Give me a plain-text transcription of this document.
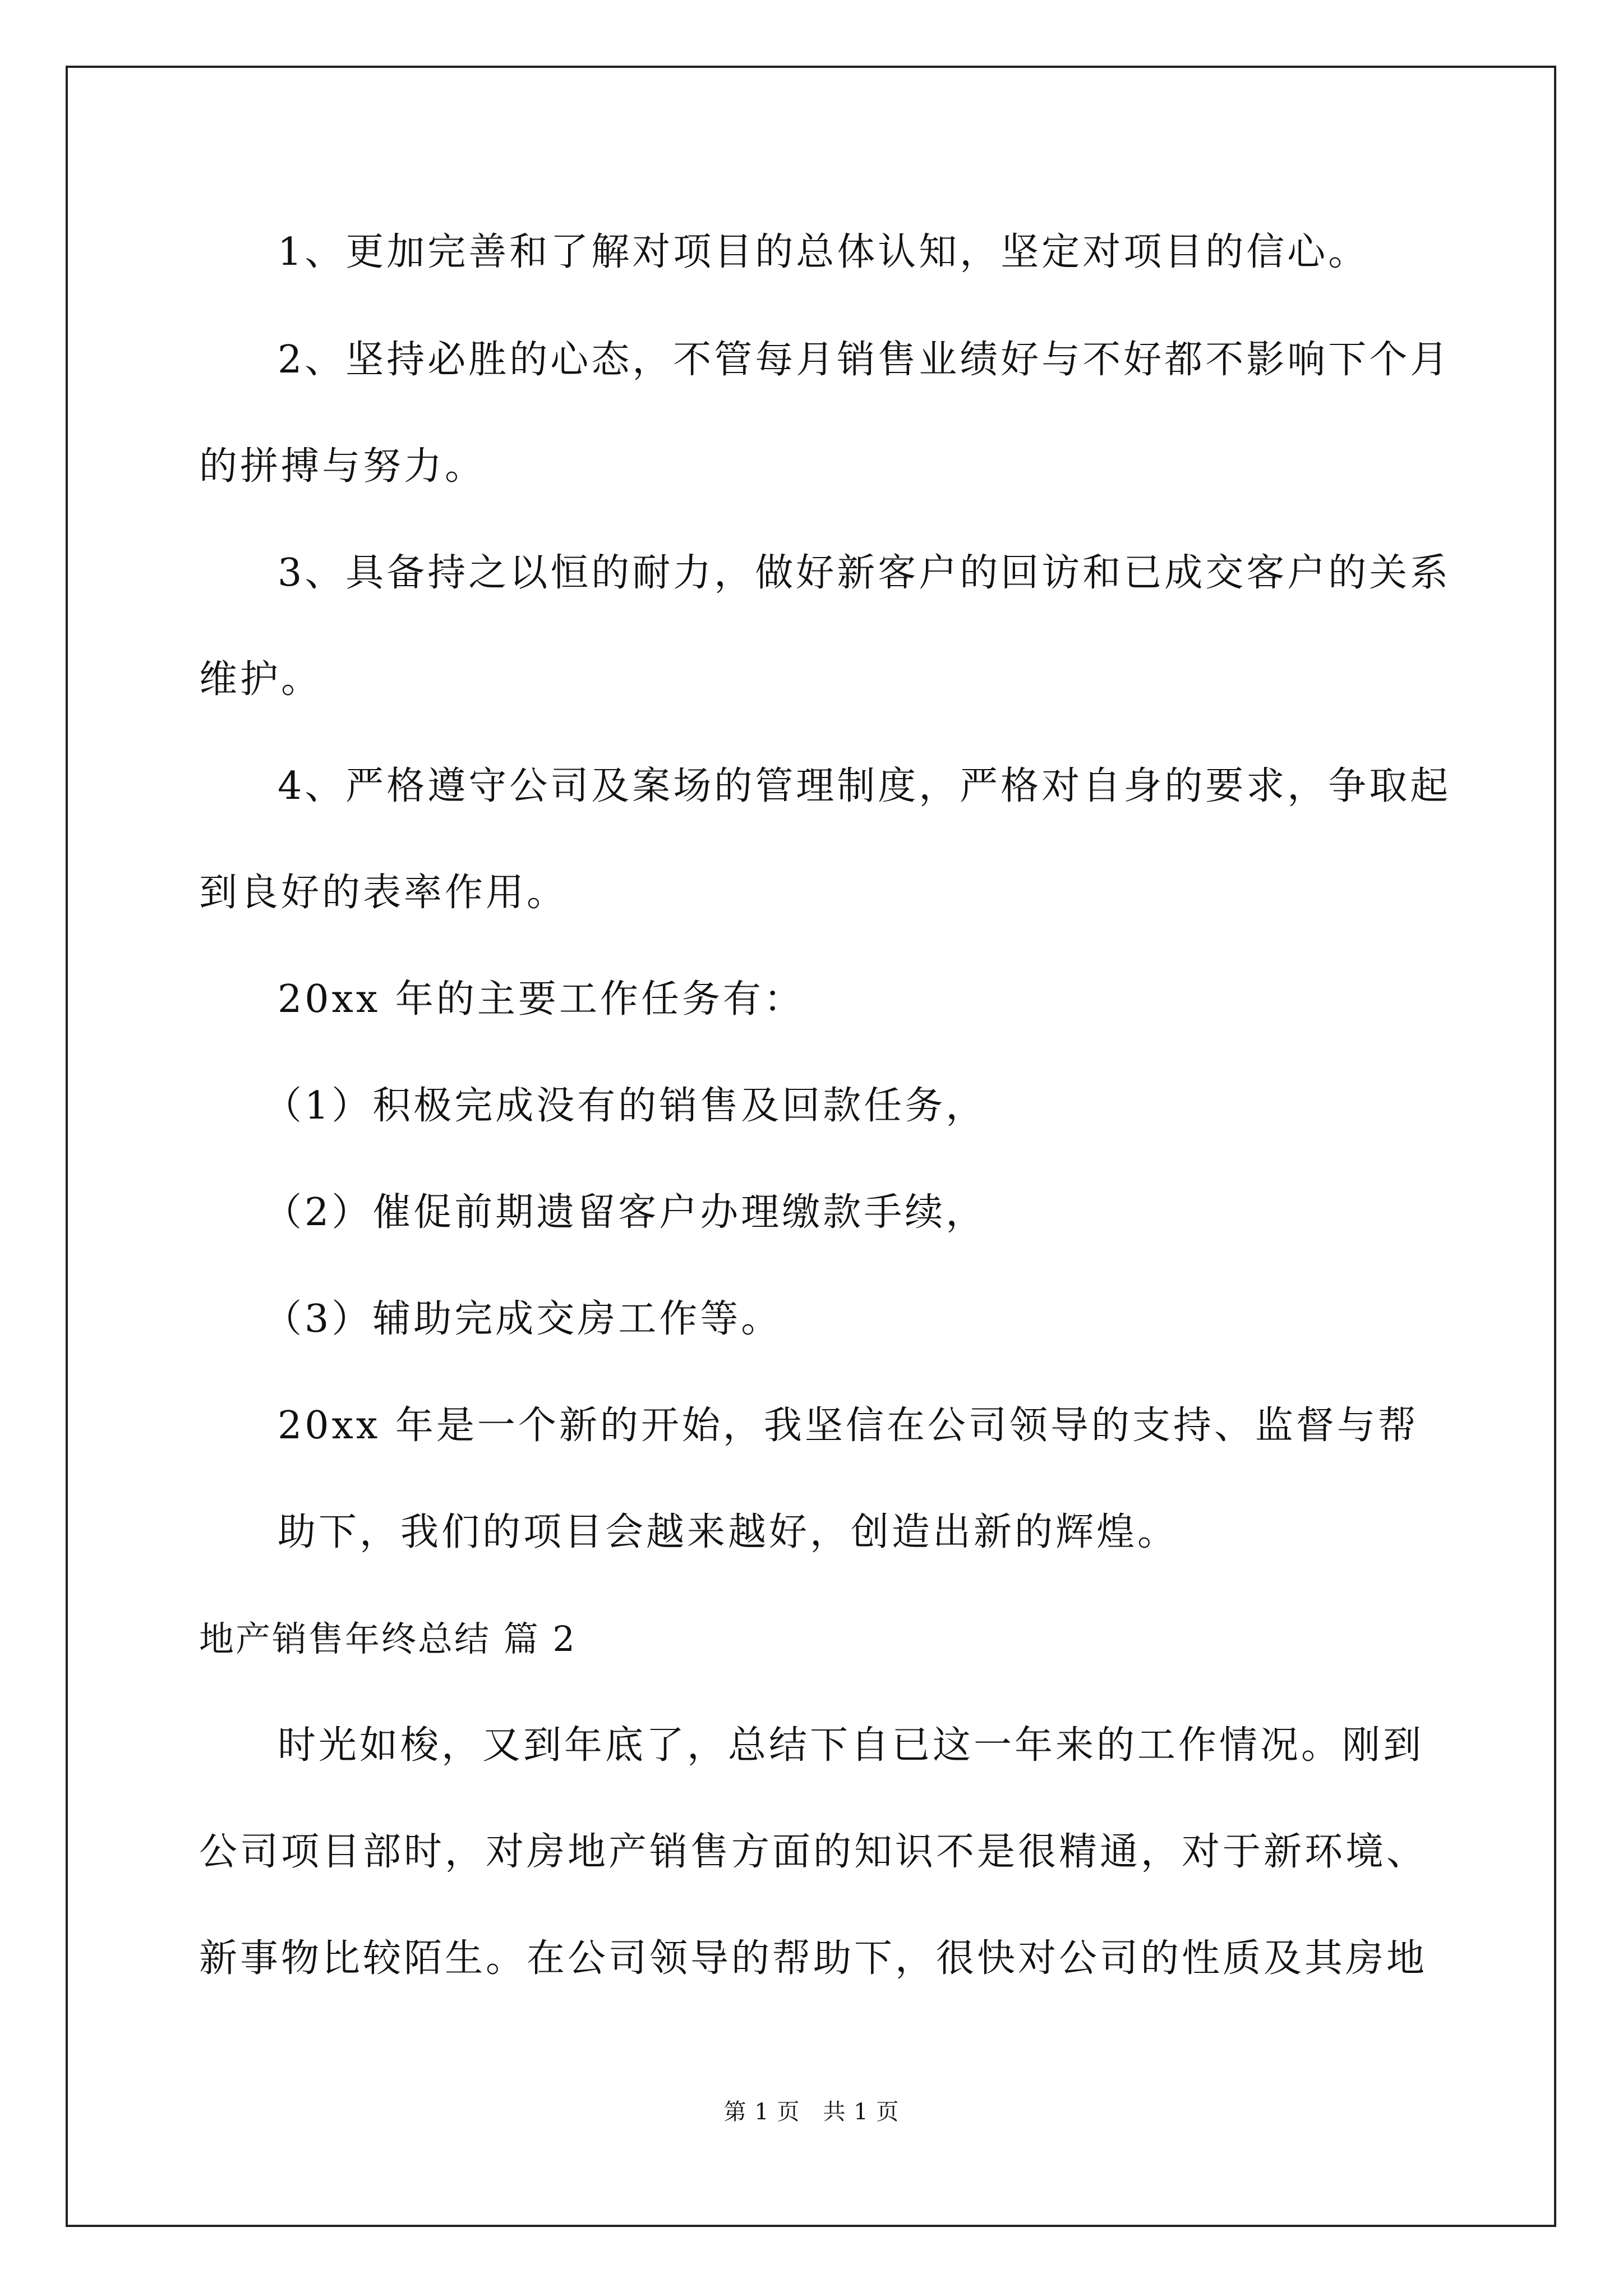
1、更加完善和了解对项目的总体认知，坚定对项目的信心。
2、坚持必胜的心态，不管每月销售业绩好与不好都不影响下个月
的拼搏与努力。
3、具备持之以恒的耐力，做好新客户的回访和已成交客户的关系
维护。
4、严格遵守公司及案场的管理制度，严格对自身的要求，争取起
到良好的表率作用。
20xx 年的主要工作任务有：
（1）积极完成没有的销售及回款任务，
（2）催促前期遗留客户办理缴款手续，
（3）辅助完成交房工作等。
20xx 年是一个新的开始，我坚信在公司领导的支持、监督与帮
助下，我们的项目会越来越好，创造出新的辉煌。
地产销售年终总结 篇 2
时光如梭，又到年底了，总结下自已这一年来的工作情况。刚到
公司项目部时，对房地产销售方面的知识不是很精通，对于新环境、
新事物比较陌生。在公司领导的帮助下，很快对公司的性质及其房地
第 1 页　共 1 页
